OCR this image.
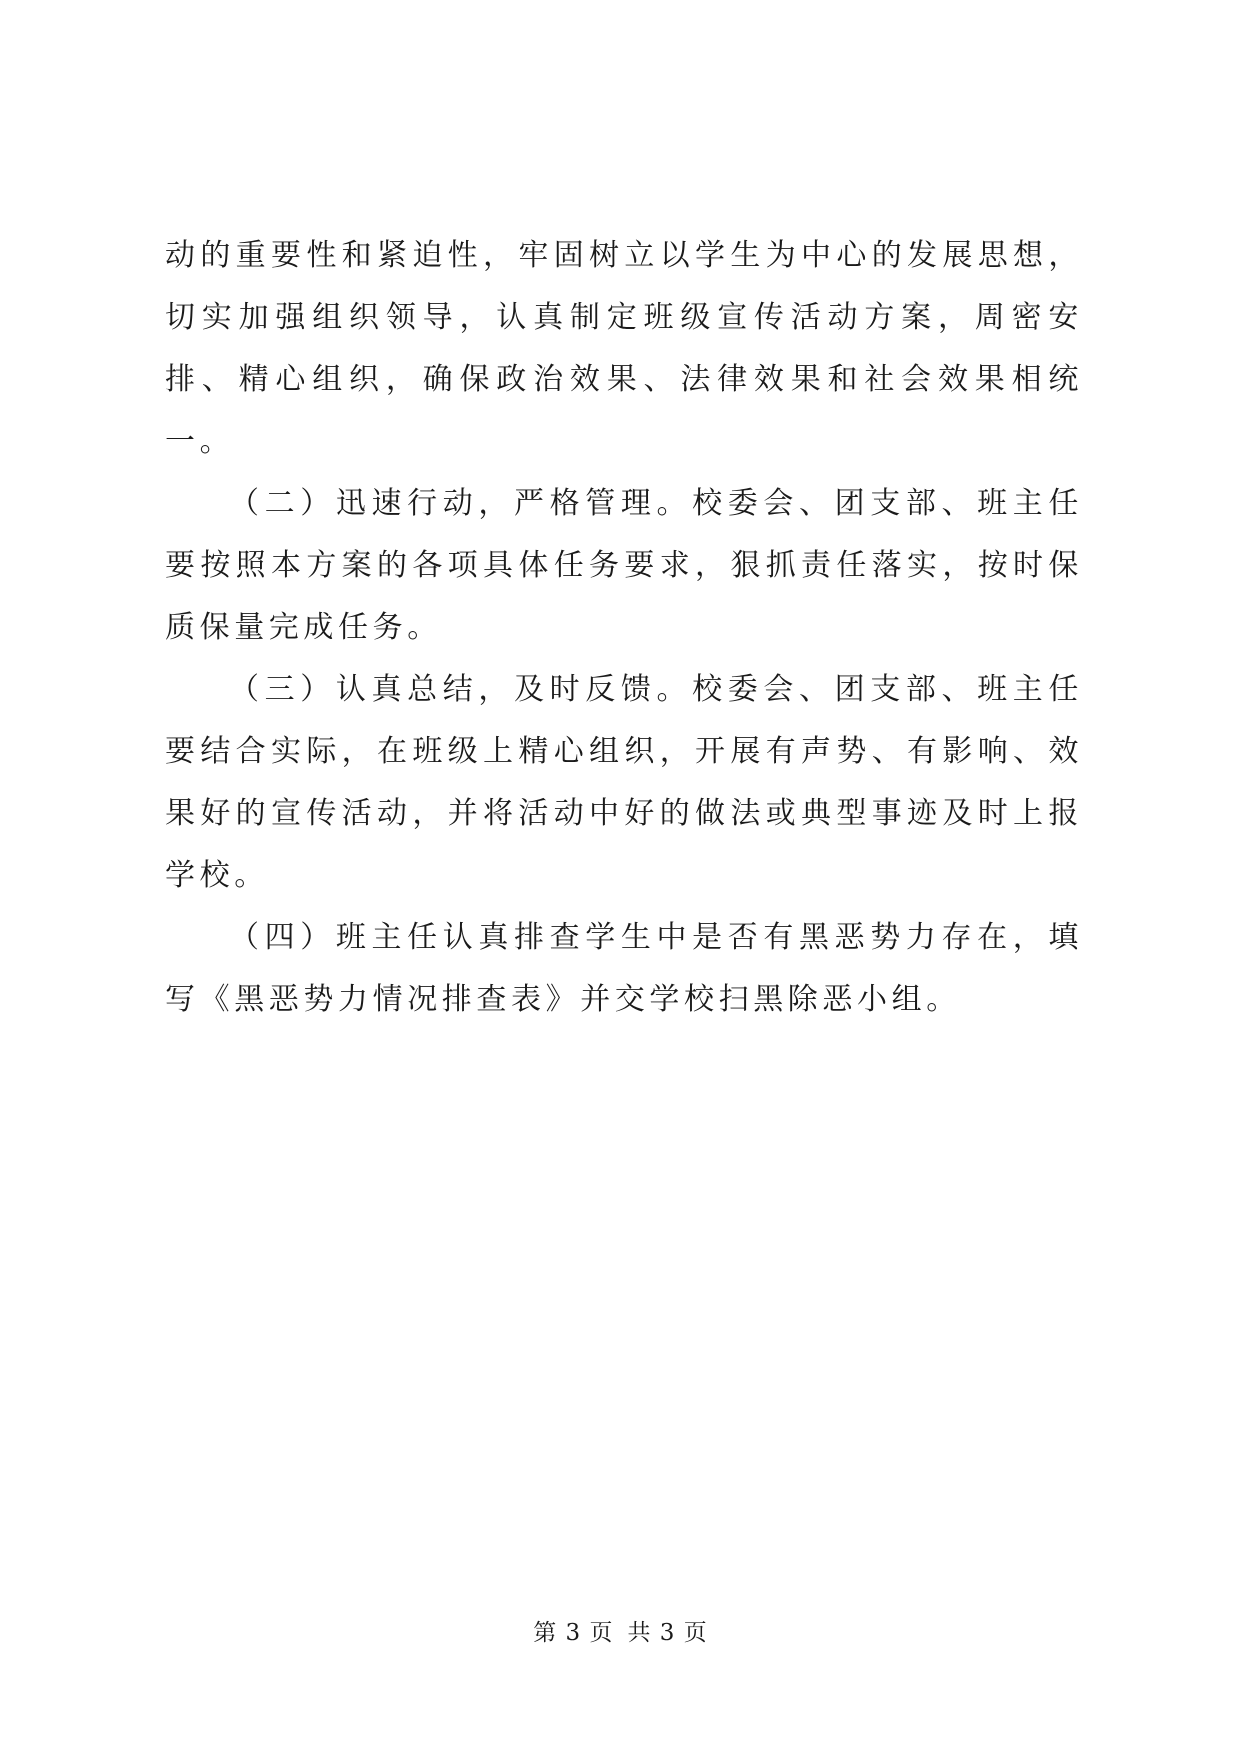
动的重要性和紧迫性，牢固树立以学生为中心的发展思想，切实加强组织领导，认真制定班级宣传活动方案，周密安排、精心组织，确保政治效果、法律效果和社会效果相统一。

（二）迅速行动，严格管理。校委会、团支部、班主任要按照本方案的各项具体任务要求，狠抓责任落实，按时保质保量完成任务。

（三）认真总结，及时反馈。校委会、团支部、班主任要结合实际，在班级上精心组织，开展有声势、有影响、效果好的宣传活动，并将活动中好的做法或典型事迹及时上报学校。

（四）班主任认真排查学生中是否有黑恶势力存在，填写《黑恶势力情况排查表》并交学校扫黑除恶小组。

第 3 页 共 3 页
